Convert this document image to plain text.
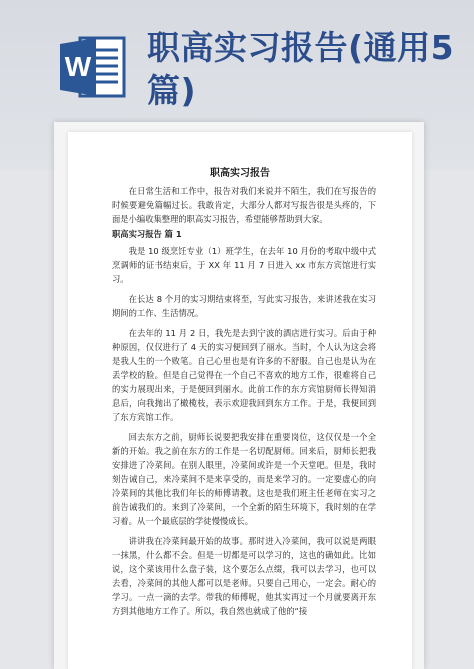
W 职高实习报告(通用5篇)
职高实习报告

在日常生活和工作中，报告对我们来说并不陌生，我们在写报告的时候要避免篇幅过长。我敢肯定，大部分人都对写报告很是头疼的，下面是小编收集整理的职高实习报告，希望能够帮助到大家。

职高实习报告 篇 1

我是 10 级烹饪专业（1）班学生，在去年 10 月份的考取中级中式烹调师的证书结束后，于 XX 年 11 月 7 日进入 xx 市东方宾馆进行实习。

在长达 8 个月的实习期结束将至，写此实习报告，来讲述我在实习期间的工作、生活情况。

在去年的 11 月 2 日，我先是去到宁波的酒店进行实习。后由于种种原因，仅仅进行了 4 天的实习便回到了丽水。当时，个人认为这会将是我人生的一个败笔。自己心里也是有许多的不舒服。自己也是认为在丢学校的脸。但是自己觉得在一个自己不喜欢的地方工作，很难将自己的实力展现出来，于是便回到丽水。此前工作的东方宾馆厨师长得知消息后，向我抛出了橄榄枝，表示欢迎我回到东方工作。于是，我便回到了东方宾馆工作。

回去东方之前，厨师长说要把我安排在重要岗位，这仅仅是一个全新的开始。我之前在东方的工作是一名切配厨师。回来后，厨师长把我安排进了冷菜间。在别人眼里，冷菜间或许是一个天堂吧。但是，我时刻告诫自己，来冷菜间不是来享受的，而是来学习的。一定要虚心的向冷菜间的其他比我们年长的师傅请教。这也是我们班主任老师在实习之前告诫我们的。来到了冷菜间，一个全新的陌生环境下，我时刻的在学习着。从一个最底层的学徒慢慢成长。

讲讲我在冷菜间最开始的故事。那时进入冷菜间，我可以说是两眼一抹黑，什么都不会。但是一切都是可以学习的，这也的确如此。比如说，这个菜该用什么盘子装，这个要怎么点缀，我可以去学习，也可以去看，冷菜间的其他人都可以是老师。只要自己用心，一定会。耐心的学习。一点一滴的去学。带我的师傅呢，他其实再过一个月就要离开东方到其他地方工作了。所以，我自然也就成了他的“接
